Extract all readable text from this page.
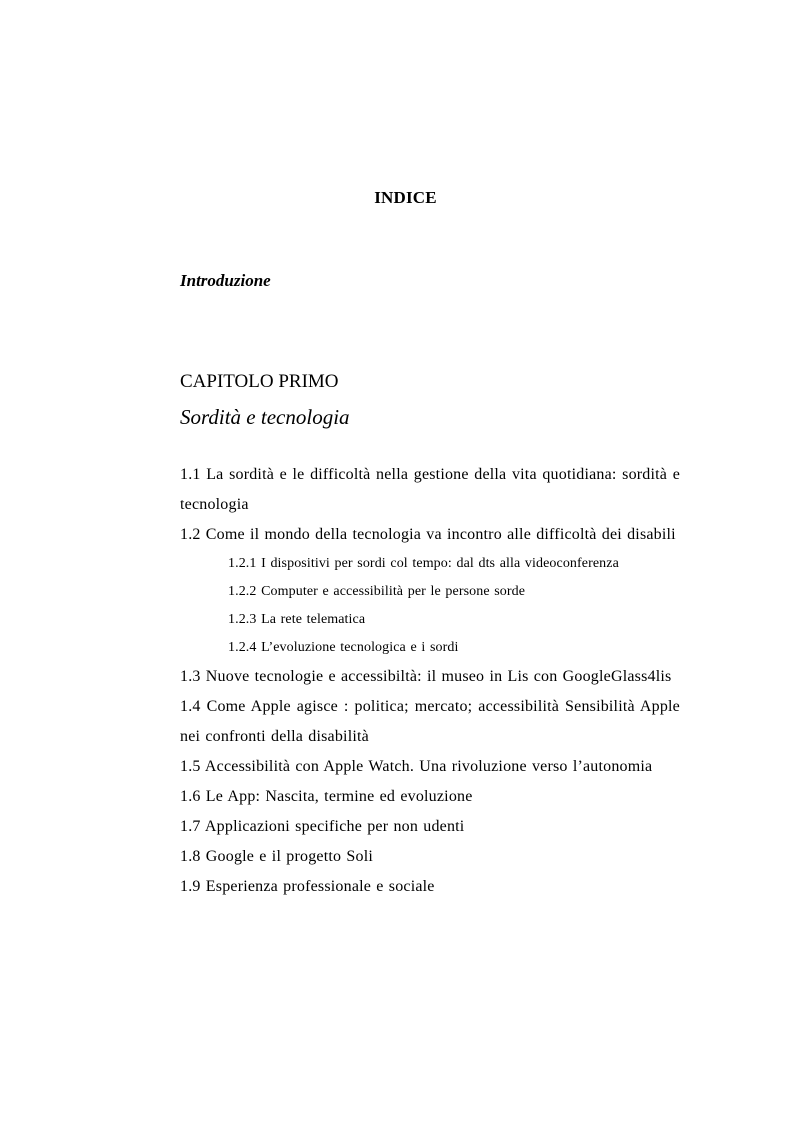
INDICE
Introduzione
CAPITOLO PRIMO
Sordità e tecnologia
1.1 La sordità e le difficoltà nella gestione della vita quotidiana: sordità e tecnologia
1.2 Come il mondo della tecnologia va incontro alle difficoltà dei disabili
1.2.1 I dispositivi per sordi col tempo: dal dts alla videoconferenza
1.2.2 Computer e accessibilità per le persone sorde
1.2.3 La rete telematica
1.2.4 L’evoluzione tecnologica e i sordi
1.3 Nuove tecnologie e accessibiltà: il museo in Lis con GoogleGlass4lis
1.4 Come Apple agisce : politica; mercato; accessibilità Sensibilità Apple nei confronti della disabilità
1.5 Accessibilità con Apple Watch. Una rivoluzione verso l’autonomia
1.6 Le App: Nascita, termine ed evoluzione
1.7 Applicazioni specifiche per non udenti
1.8 Google e il progetto Soli
1.9 Esperienza professionale e sociale
